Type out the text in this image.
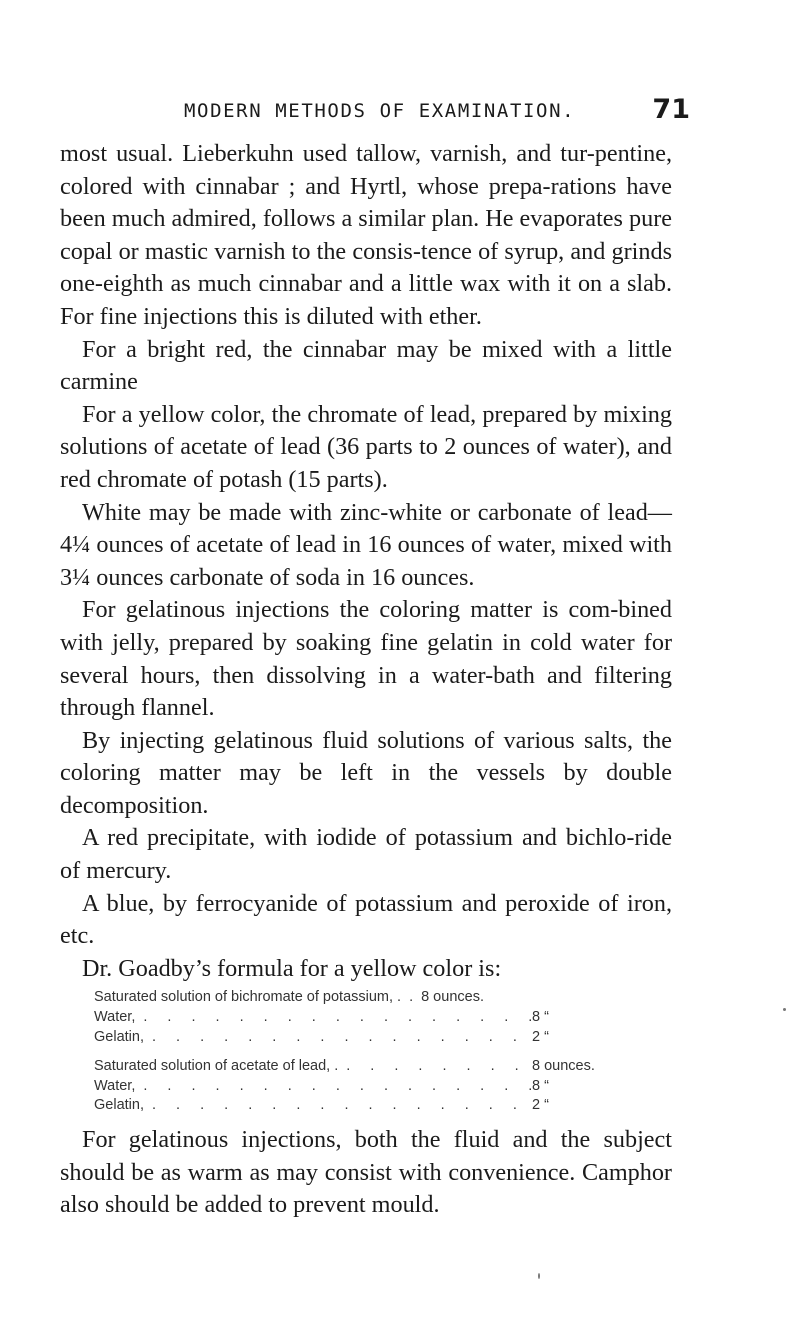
MODERN METHODS OF EXAMINATION.	71

most usual. Lieberkuhn used tallow, varnish, and tur-pentine, colored with cinnabar ; and Hyrtl, whose prepa-rations have been much admired, follows a similar plan. He evaporates pure copal or mastic varnish to the consis-tence of syrup, and grinds one-eighth as much cinnabar and a little wax with it on a slab. For fine injections this is diluted with ether.

For a bright red, the cinnabar may be mixed with a little carmine

For a yellow color, the chromate of lead, prepared by mixing solutions of acetate of lead (36 parts to 2 ounces of water), and red chromate of potash (15 parts).

White may be made with zinc-white or carbonate of lead—4¼ ounces of acetate of lead in 16 ounces of water, mixed with 3¼ ounces carbonate of soda in 16 ounces.

For gelatinous injections the coloring matter is com-bined with jelly, prepared by soaking fine gelatin in cold water for several hours, then dissolving in a water-bath and filtering through flannel.

By injecting gelatinous fluid solutions of various salts, the coloring matter may be left in the vessels by double decomposition.

A red precipitate, with iodide of potassium and bichlo-ride of mercury.

A blue, by ferrocyanide of potassium and peroxide of iron, etc.

Dr. Goadby’s formula for a yellow color is:

Saturated solution of bichromate of potassium, . . . . 8 ounces.
Water, . . .	8 “
Gelatin, . . .	2 “
Saturated solution of acetate of lead, . . . .	8 ounces.
Water, . . .	8 “
Gelatin, . . .	2 “

For gelatinous injections, both the fluid and the subject should be as warm as may consist with convenience. Camphor also should be added to prevent mould.
